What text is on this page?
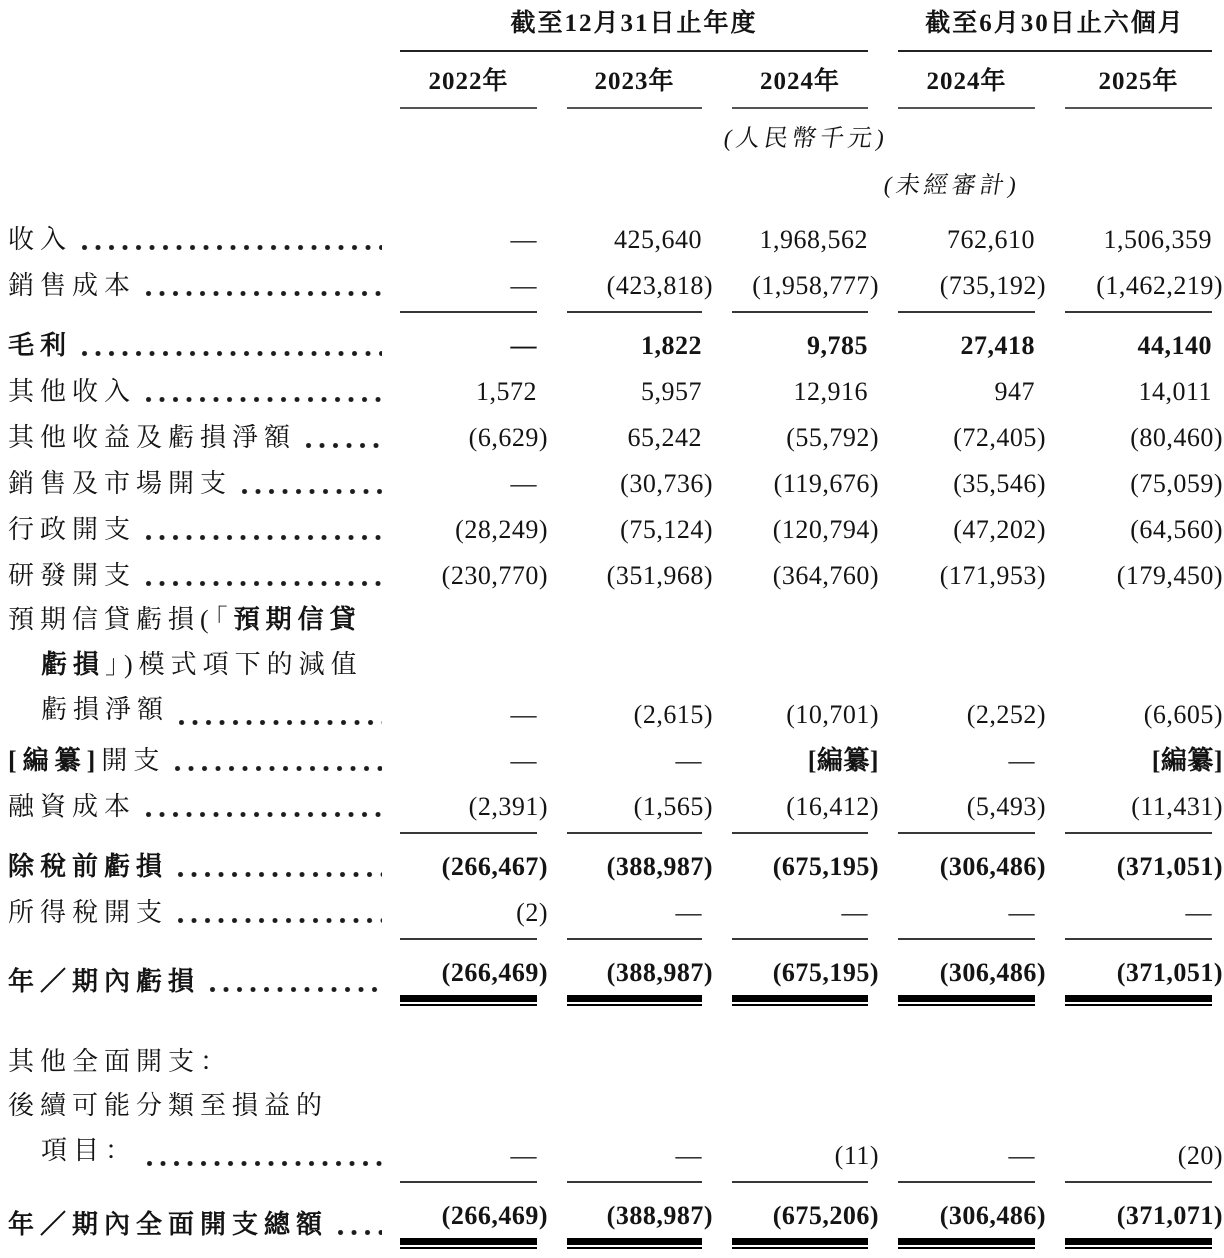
	截至12月31日止年度			截至6月30日止六個月	

	2022年	2023年	2024年	2024年	2025年

	(人民幣千元)				
				(未經審計)	

收入	—	425,640	1,968,562	762,610	1,506,359

銷售成本	—	(423,818)	(1,958,777)	(735,192)	(1,462,219)

毛利	—	1,822	9,785	27,418	44,140

其他收入	1,572	5,957	12,916	947	14,011

其他收益及虧損淨額	(6,629)	65,242	(55,792)	(72,405)	(80,460)

銷售及市場開支	—	(30,736)	(119,676)	(35,546)	(75,059)

行政開支	(28,249)	(75,124)	(120,794)	(47,202)	(64,560)

研發開支	(230,770)	(351,968)	(364,760)	(171,953)	(179,450)

預期信貸虧損(「預期信貸
虧損」)模式項下的減值
虧損淨額	—	(2,615)	(10,701)	(2,252)	(6,605)

[編纂] 開支	—	—	[編纂]	—	[編纂]

融資成本	(2,391)	(1,565)	(16,412)	(5,493)	(11,431)

除稅前虧損	(266,467)	(388,987)	(675,195)	(306,486)	(371,051)

所得稅開支	(2)	—	—	—	—

年／期內虧損	(266,469)	(388,987)	(675,195)	(306,486)	(371,051)

其他全面開支：					

後續可能分類至損益的
項目：	—	—	(11)	—	(20)

年／期內全面開支總額	(266,469)	(388,987)	(675,206)	(306,486)	(371,071)
